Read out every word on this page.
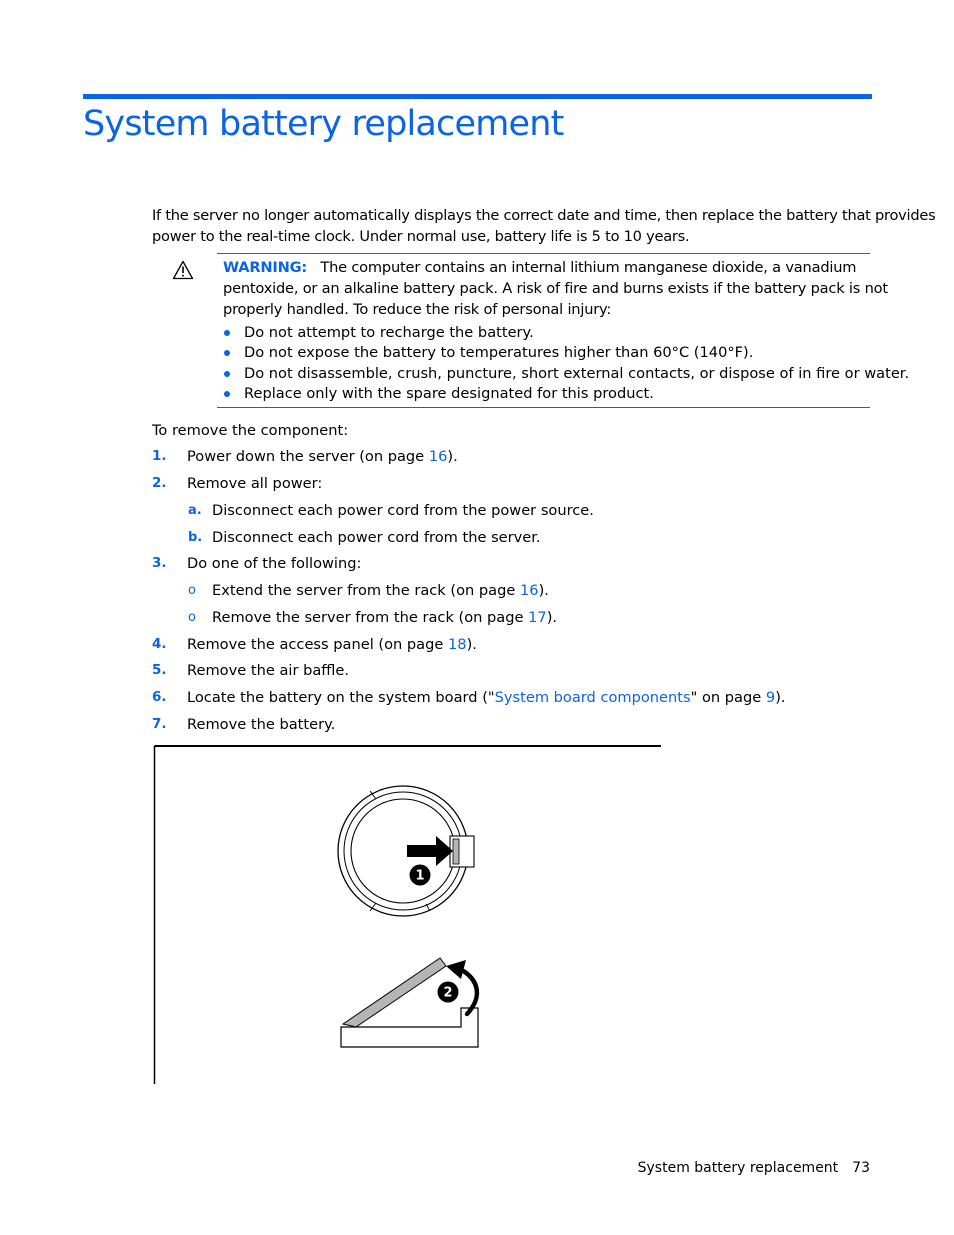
System battery replacement
If the server no longer automatically displays the correct date and time, then replace the battery that provides
power to the real-time clock. Under normal use, battery life is 5 to 10 years.
WARNING: The computer contains an internal lithium manganese dioxide, a vanadium
pentoxide, or an alkaline battery pack. A risk of fire and burns exists if the battery pack is not
properly handled. To reduce the risk of personal injury:
Do not attempt to recharge the battery.
Do not expose the battery to temperatures higher than 60°C (140°F).
Do not disassemble, crush, puncture, short external contacts, or dispose of in fire or water.
Replace only with the spare designated for this product.
To remove the component:
1. Power down the server (on page 16).
2. Remove all power:
a. Disconnect each power cord from the power source.
b. Disconnect each power cord from the server.
3. Do one of the following:
o Extend the server from the rack (on page 16).
o Remove the server from the rack (on page 17).
4. Remove the access panel (on page 18).
5. Remove the air baffle.
6. Locate the battery on the system board ("System board components" on page 9).
7. Remove the battery.
1
2
System battery replacement 73
